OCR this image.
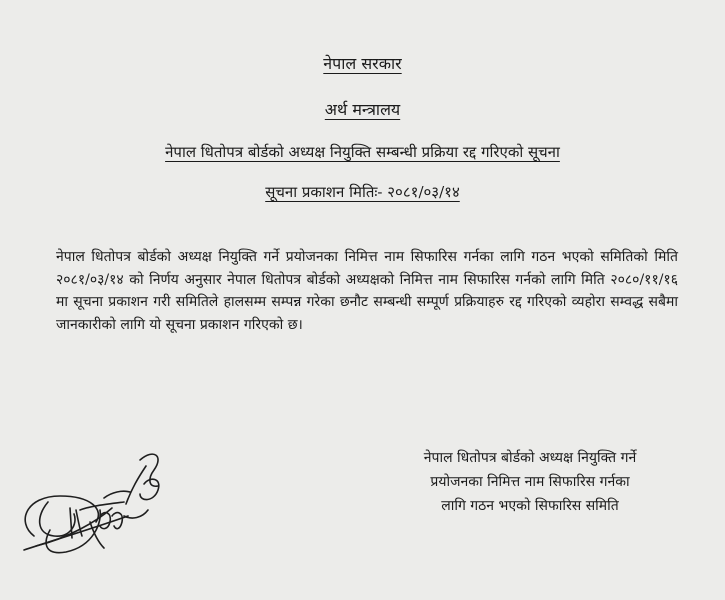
नेपाल सरकार
अर्थ मन्त्रालय
नेपाल धितोपत्र बोर्डको अध्यक्ष नियुक्ति सम्बन्धी प्रक्रिया रद्द गरिएको सूचना
सूचना प्रकाशन मितिः- २०८१/०३/१४

नेपाल धितोपत्र बोर्डको अध्यक्ष नियुक्ति गर्ने प्रयोजनका निमित्त नाम सिफारिस गर्नका लागि गठन भएको समितिको मिति २०८१/०३/१४ को निर्णय अनुसार नेपाल धितोपत्र बोर्डको अध्यक्षको निमित्त नाम सिफारिस गर्नको लागि मिति २०८०/११/१६ मा सूचना प्रकाशन गरी समितिले हालसम्म सम्पन्न गरेका छनौट सम्बन्धी सम्पूर्ण प्रक्रियाहरु रद्द गरिएको व्यहोरा सम्वद्ध सबैमा जानकारीको लागि यो सूचना प्रकाशन गरिएको छ।

नेपाल धितोपत्र बोर्डको अध्यक्ष नियुक्ति गर्ने
प्रयोजनका निमित्त नाम सिफारिस गर्नका
लागि गठन भएको सिफारिस समिति
